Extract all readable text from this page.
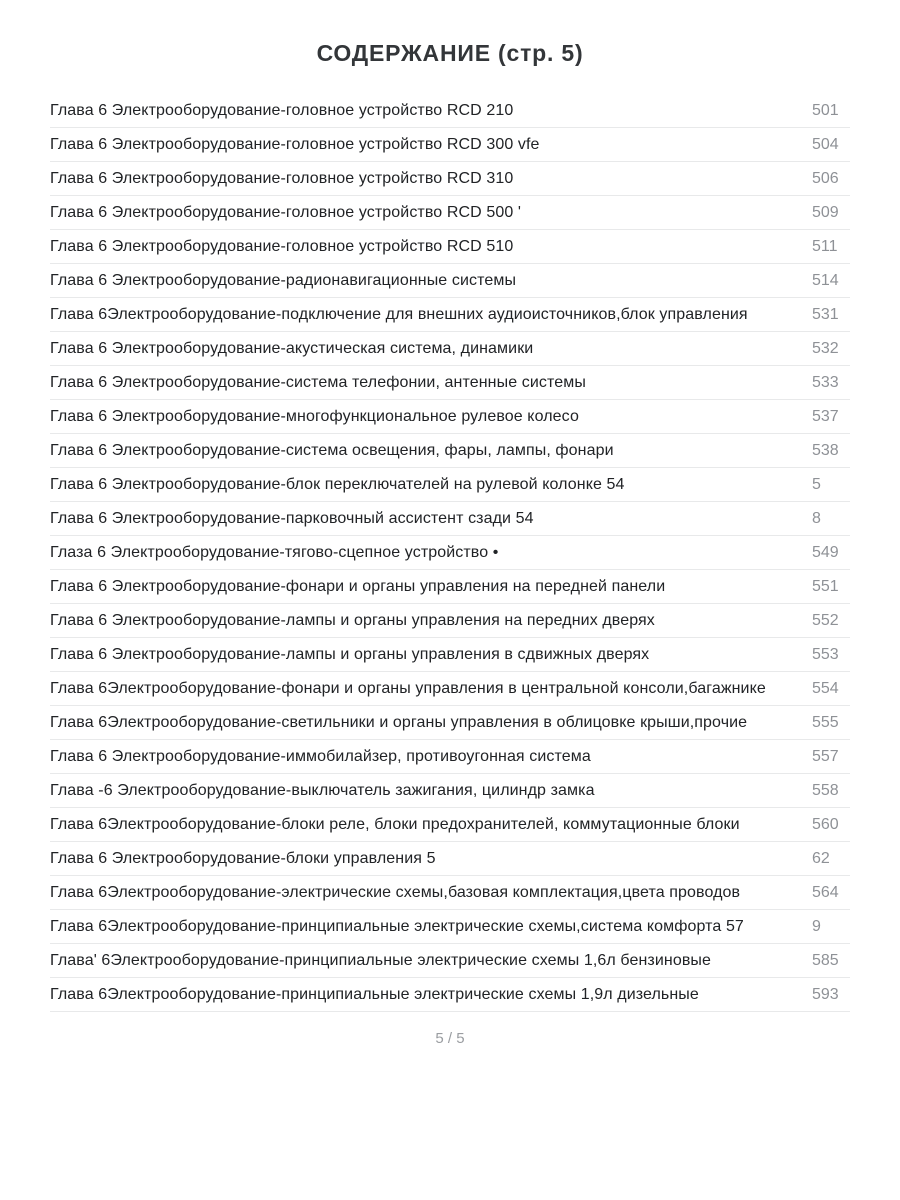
СОДЕРЖАНИЕ (стр. 5)
Глава 6 Электрооборудование-головное устройство RCD 210	501
Глава 6 Электрооборудование-головное устройство RCD 300 vfe	504
Глава 6 Электрооборудование-головное устройство RCD 310	506
Глава 6 Электрооборудование-головное устройство RCD 500 '	509
Глава 6 Электрооборудование-головное устройство RCD 510	511
Глава 6 Электрооборудование-радионавигационные системы	514
Глава 6Электрооборудование-подключение для внешних аудиоисточников,блок управления	531
Глава 6 Электрооборудование-акустическая система, динамики	532
Глава 6 Электрооборудование-система телефонии, антенные системы	533
Глава 6 Электрооборудование-многофункциональное рулевое колесо	537
Глава 6 Электрооборудование-система освещения, фары, лампы, фонари	538
Глава 6 Электрооборудование-блок переключателей на рулевой колонке 54	5
Глава 6 Электрооборудование-парковочный ассистент сзади 54	8
Глаза 6 Электрооборудование-тягово-сцепное устройство •	549
Глава 6 Электрооборудование-фонари и органы управления на передней панели	551
Глава 6 Электрооборудование-лампы и органы управления на передних дверях	552
Глава 6 Электрооборудование-лампы и органы управления в сдвижных дверях	553
Глава 6Электрооборудование-фонари и органы управления в центральной консоли,багажнике	554
Глава 6Электрооборудование-светильники и органы управления в облицовке крыши,прочие	555
Глава 6 Электрооборудование-иммобилайзер, противоугонная система	557
Глава -6 Электрооборудование-выключатель зажигания, цилиндр замка	558
Глава 6Электрооборудование-блоки реле, блоки предохранителей, коммутационные блоки	560
Глава 6 Электрооборудование-блоки управления 5	62
Глава 6Электрооборудование-электрические схемы,базовая комплектация,цвета проводов	564
Глава 6Электрооборудование-принципиальные электрические схемы,система комфорта 57	9
Глава' 6Электрооборудование-принципиальные электрические схемы 1,6л бензиновые	585
Глава 6Электрооборудование-принципиальные электрические схемы 1,9л дизельные	593
5 / 5
